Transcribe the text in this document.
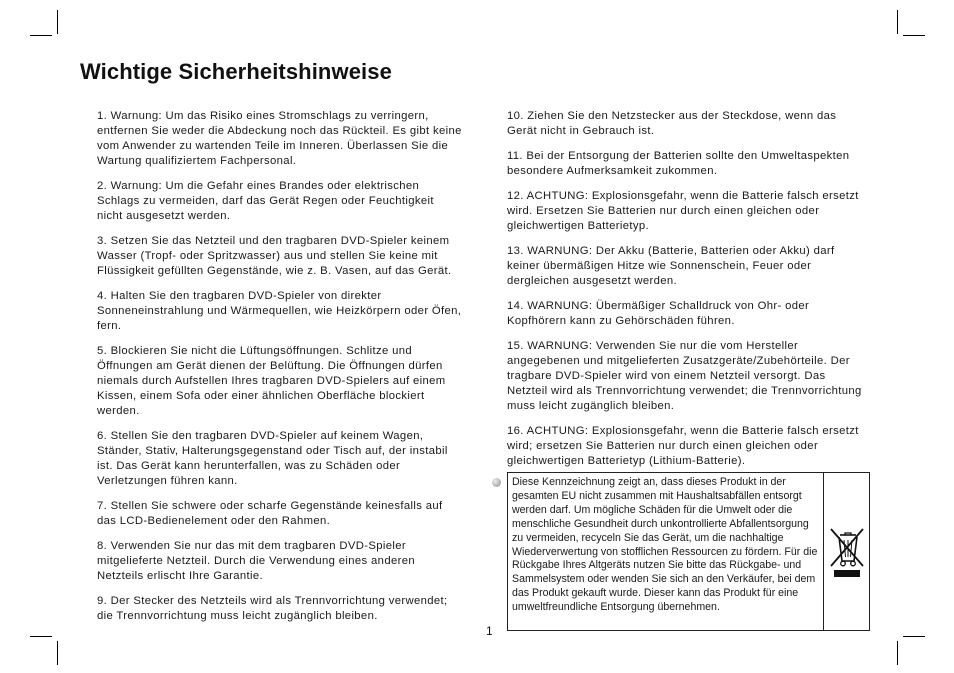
Wichtige Sicherheitshinweise

1. Warnung: Um das Risiko eines Stromschlags zu verringern, entfernen Sie weder die Abdeckung noch das Rückteil. Es gibt keine vom Anwender zu wartenden Teile im Inneren. Überlassen Sie die Wartung qualifiziertem Fachpersonal.

2. Warnung: Um die Gefahr eines Brandes oder elektrischen Schlags zu vermeiden, darf das Gerät Regen oder Feuchtigkeit nicht ausgesetzt werden.

3. Setzen Sie das Netzteil und den tragbaren DVD-Spieler keinem Wasser (Tropf- oder Spritzwasser) aus und stellen Sie keine mit Flüssigkeit gefüllten Gegenstände, wie z. B. Vasen, auf das Gerät.

4. Halten Sie den tragbaren DVD-Spieler von direkter Sonneneinstrahlung und Wärmequellen, wie Heizkörpern oder Öfen, fern.

5. Blockieren Sie nicht die Lüftungsöffnungen. Schlitze und Öffnungen am Gerät dienen der Belüftung. Die Öffnungen dürfen niemals durch Aufstellen Ihres tragbaren DVD-Spielers auf einem Kissen, einem Sofa oder einer ähnlichen Oberfläche blockiert werden.

6. Stellen Sie den tragbaren DVD-Spieler auf keinem Wagen, Ständer, Stativ, Halterungsgegenstand oder Tisch auf, der instabil ist. Das Gerät kann herunterfallen, was zu Schäden oder Verletzungen führen kann.

7. Stellen Sie schwere oder scharfe Gegenstände keinesfalls auf das LCD-Bedienelement oder den Rahmen.

8. Verwenden Sie nur das mit dem tragbaren DVD-Spieler mitgelieferte Netzteil. Durch die Verwendung eines anderen Netzteils erlischt Ihre Garantie.

9. Der Stecker des Netzteils wird als Trennvorrichtung verwendet; die Trennvorrichtung muss leicht zugänglich bleiben.

10. Ziehen Sie den Netzstecker aus der Steckdose, wenn das Gerät nicht in Gebrauch ist.

11. Bei der Entsorgung der Batterien sollte den Umweltaspekten besondere Aufmerksamkeit zukommen.

12. ACHTUNG: Explosionsgefahr, wenn die Batterie falsch ersetzt wird. Ersetzen Sie Batterien nur durch einen gleichen oder gleichwertigen Batterietyp.

13. WARNUNG: Der Akku (Batterie, Batterien oder Akku) darf keiner übermäßigen Hitze wie Sonnenschein, Feuer oder dergleichen ausgesetzt werden.

14. WARNUNG: Übermäßiger Schalldruck von Ohr- oder Kopfhörern kann zu Gehörschäden führen.

15. WARNUNG: Verwenden Sie nur die vom Hersteller angegebenen und mitgelieferten Zusatzgeräte/Zubehörteile. Der tragbare DVD-Spieler wird von einem Netzteil versorgt. Das Netzteil wird als Trennvorrichtung verwendet; die Trennvorrichtung muss leicht zugänglich bleiben.

16. ACHTUNG: Explosionsgefahr, wenn die Batterie falsch ersetzt wird; ersetzen Sie Batterien nur durch einen gleichen oder gleichwertigen Batterietyp (Lithium-Batterie).

Diese Kennzeichnung zeigt an, dass dieses Produkt in der gesamten EU nicht zusammen mit Haushaltsabfällen entsorgt werden darf. Um mögliche Schäden für die Umwelt oder die menschliche Gesundheit durch unkontrollierte Abfallentsorgung zu vermeiden, recyceln Sie das Gerät, um die nachhaltige Wiederverwertung von stofflichen Ressourcen zu fördern. Für die Rückgabe Ihres Altgeräts nutzen Sie bitte das Rückgabe- und Sammelsystem oder wenden Sie sich an den Verkäufer, bei dem das Produkt gekauft wurde. Dieser kann das Produkt für eine umweltfreundliche Entsorgung übernehmen.
1
